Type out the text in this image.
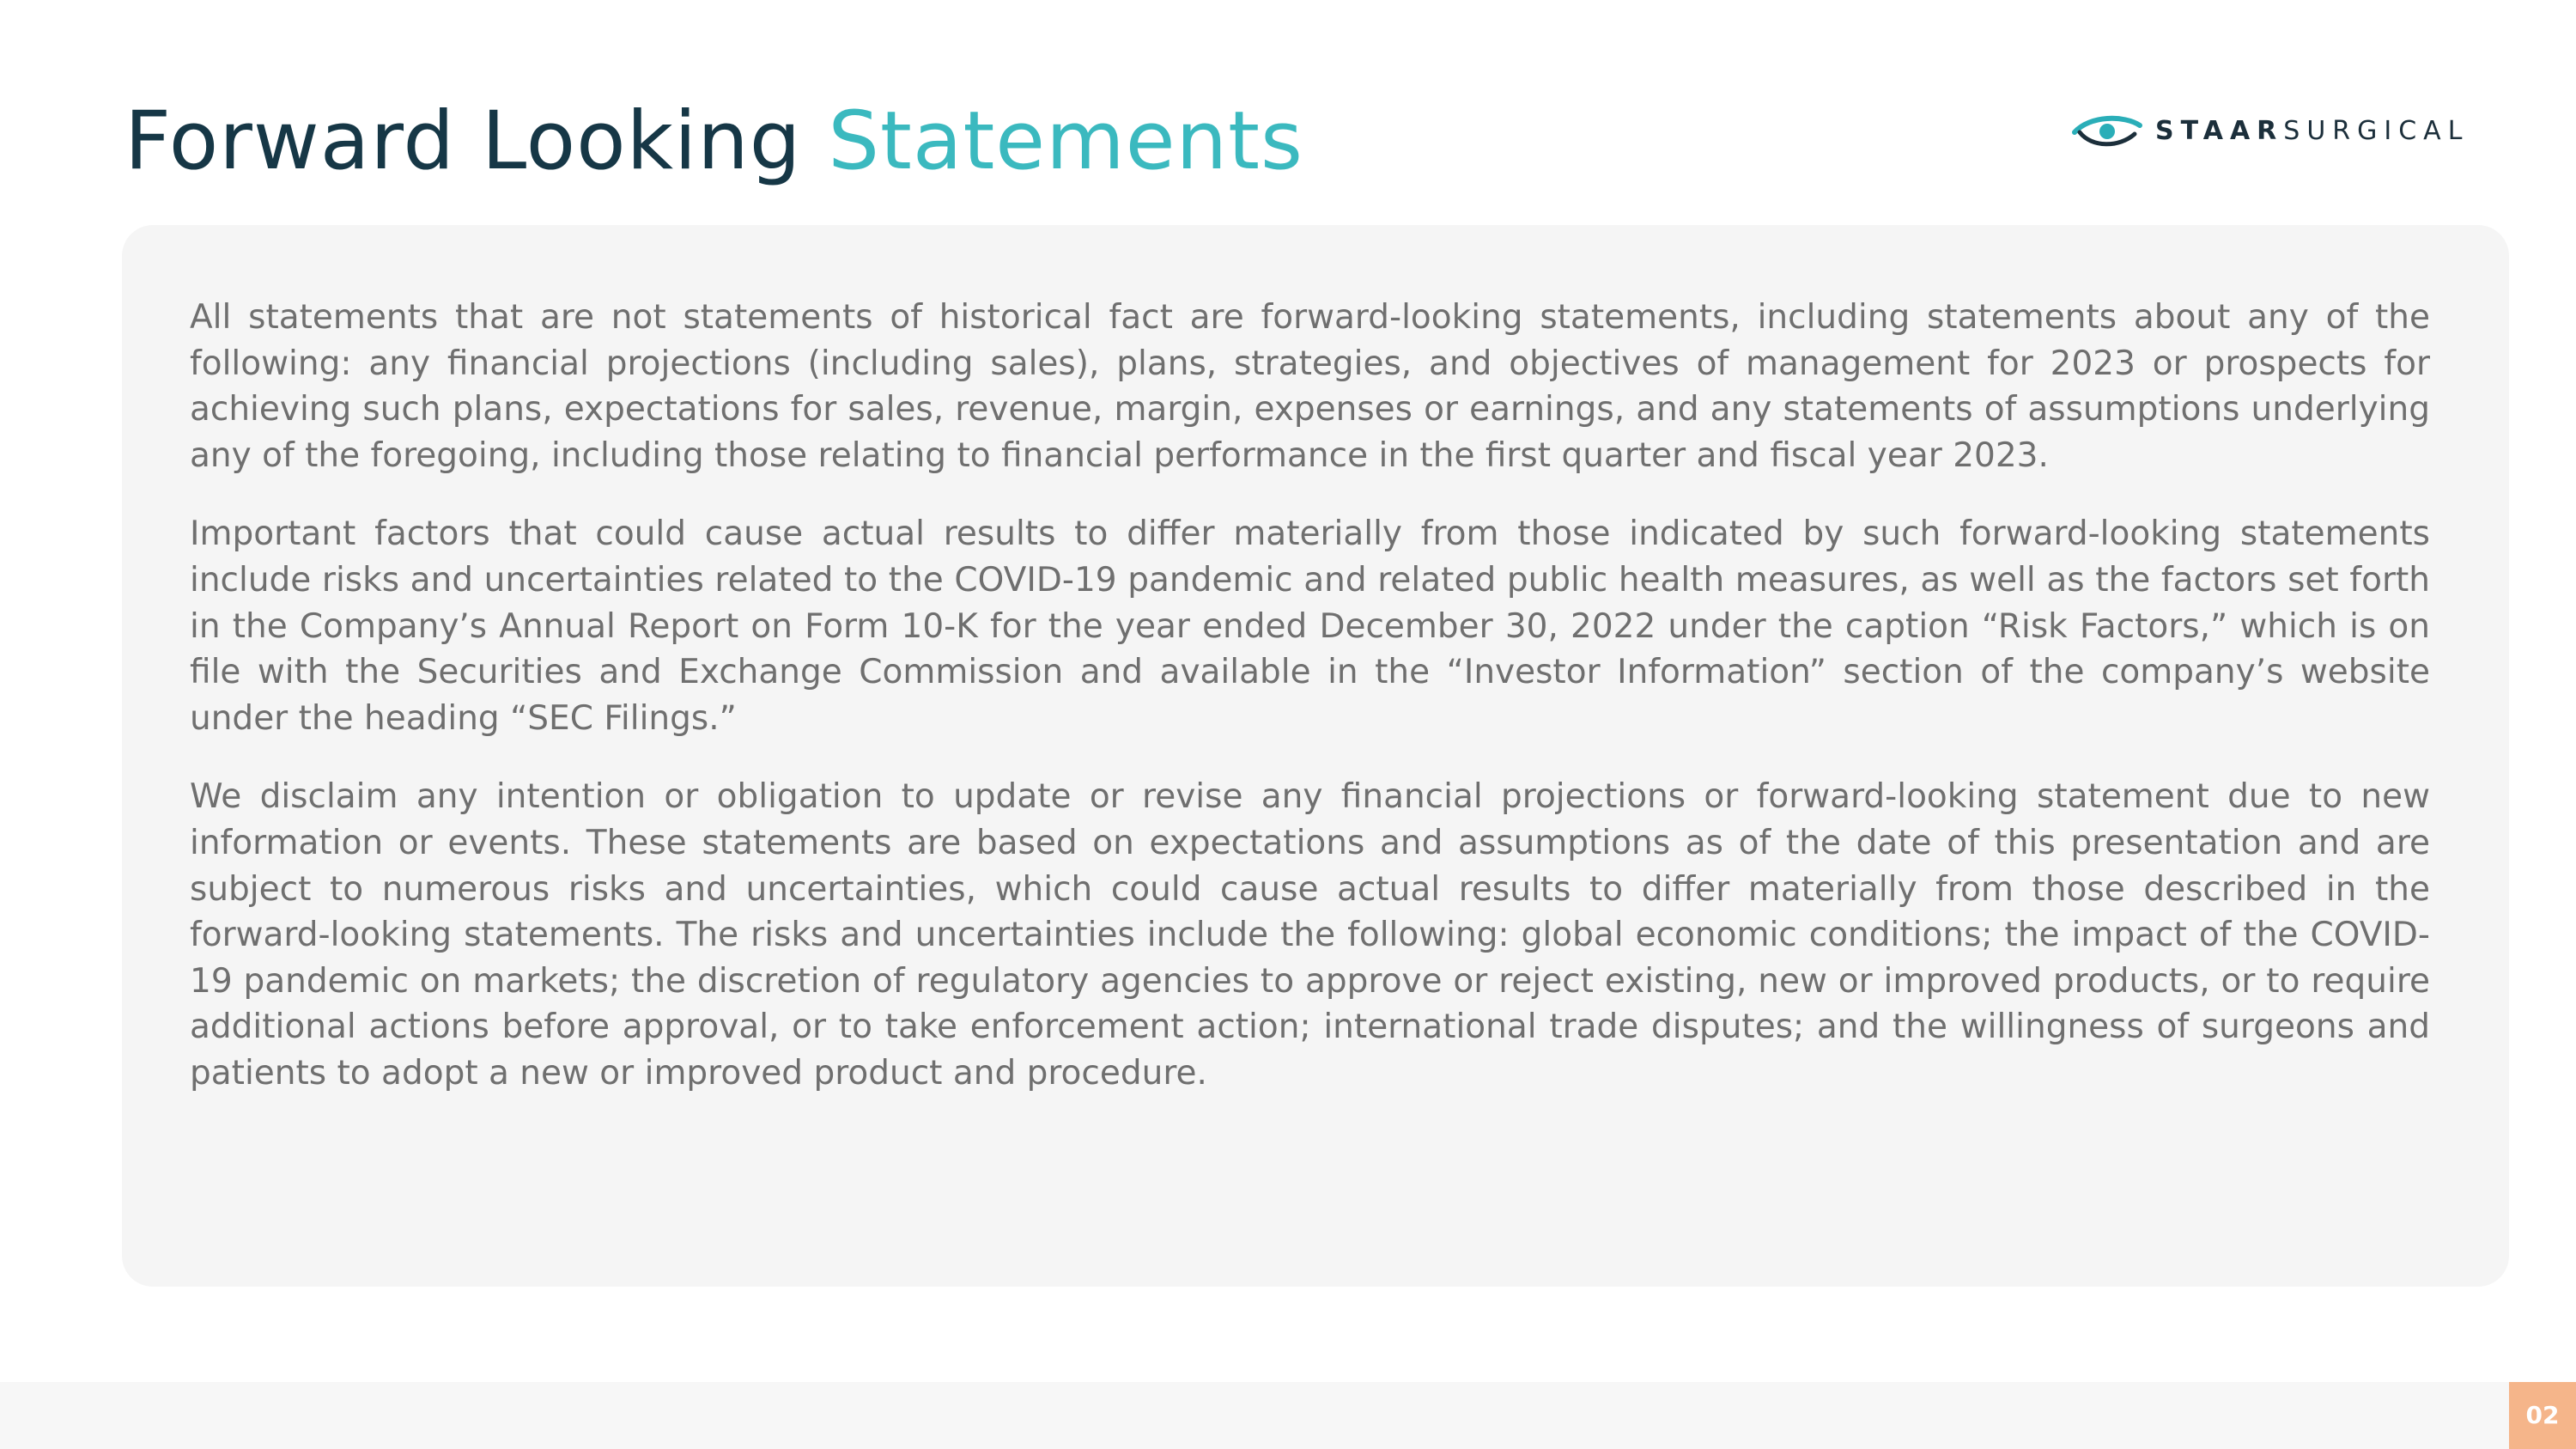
Forward Looking Statements	STAARSURGICAL

All statements that are not statements of historical fact are forward-looking statements, including statements about any of the following: any financial projections (including sales), plans, strategies, and objectives of management for 2023 or prospects for achieving such plans, expectations for sales, revenue, margin, expenses or earnings, and any statements of assumptions underlying any of the foregoing, including those relating to financial performance in the first quarter and fiscal year 2023.

Important factors that could cause actual results to differ materially from those indicated by such forward-looking statements include risks and uncertainties related to the COVID-19 pandemic and related public health measures, as well as the factors set forth in the Company’s Annual Report on Form 10-K for the year ended December 30, 2022 under the caption “Risk Factors,” which is on file with the Securities and Exchange Commission and available in the “Investor Information” section of the company’s website under the heading “SEC Filings.”

We disclaim any intention or obligation to update or revise any financial projections or forward-looking statement due to new information or events. These statements are based on expectations and assumptions as of the date of this presentation and are subject to numerous risks and uncertainties, which could cause actual results to differ materially from those described in the forward-looking statements. The risks and uncertainties include the following: global economic conditions; the impact of the COVID-19 pandemic on markets; the discretion of regulatory agencies to approve or reject existing, new or improved products, or to require additional actions before approval, or to take enforcement action; international trade disputes; and the willingness of surgeons and patients to adopt a new or improved product and procedure.

02
